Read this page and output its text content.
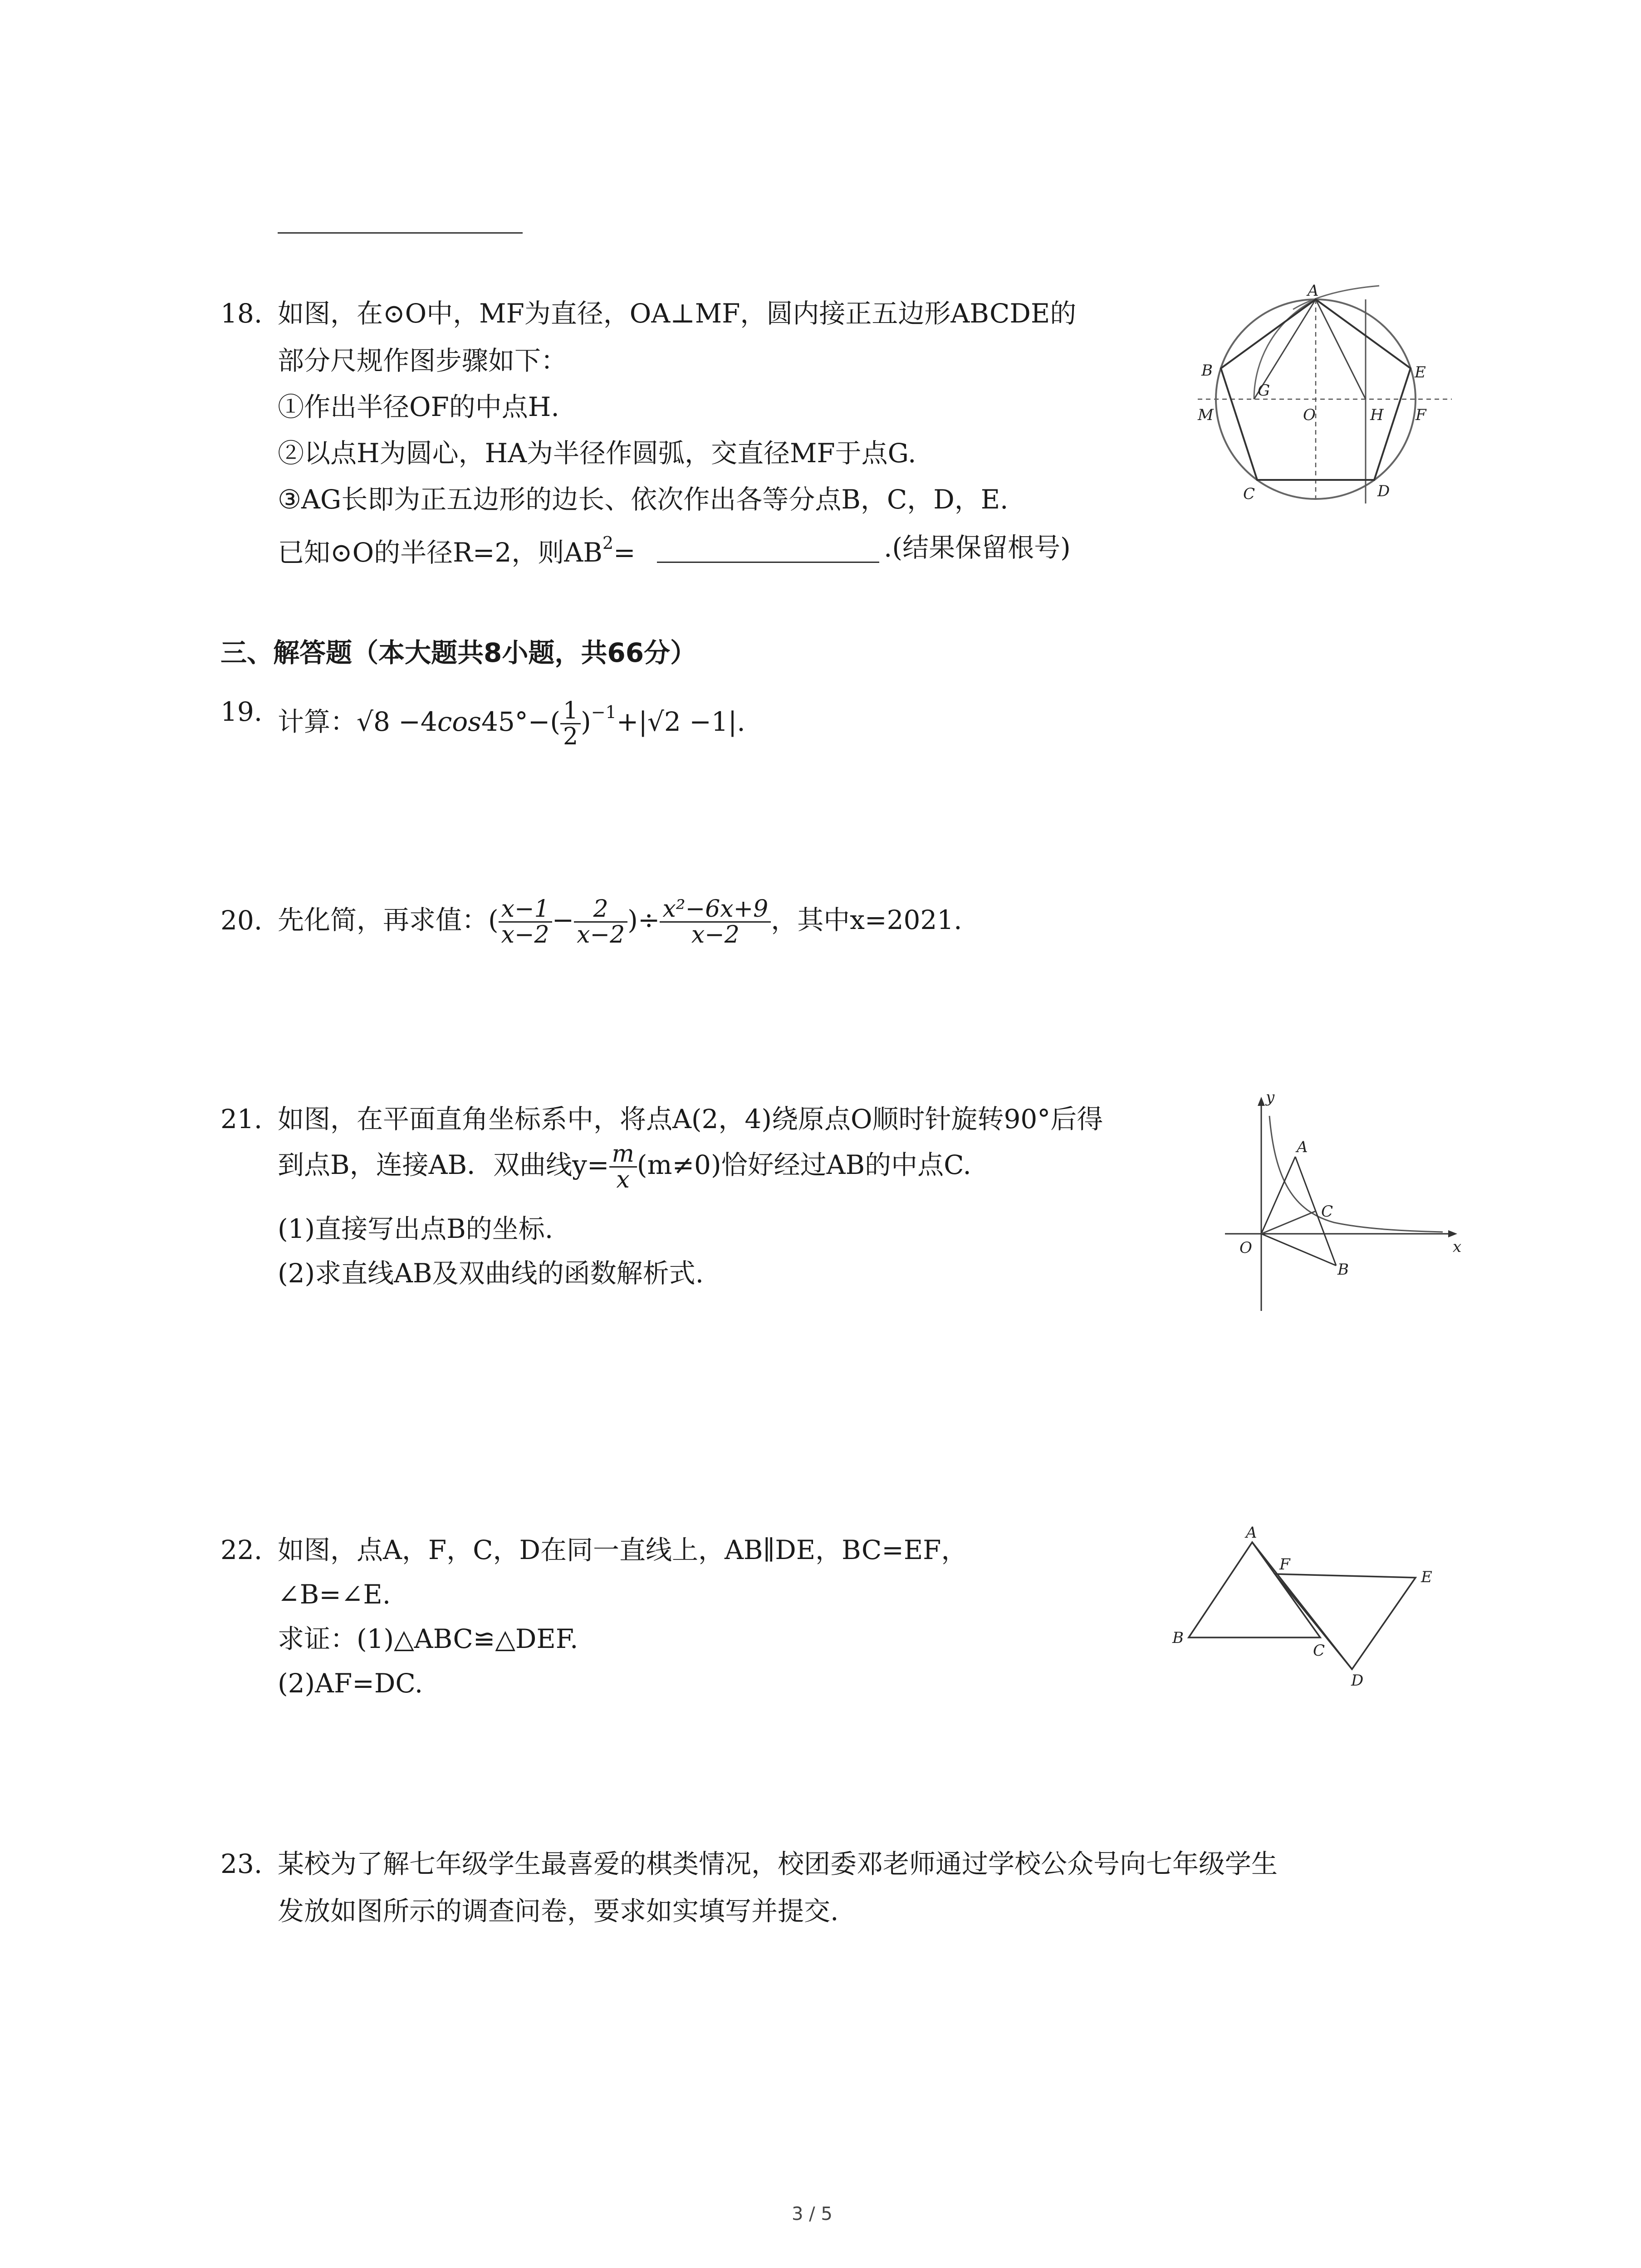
18. 如图，在⊙O中，MF为直径，OA⊥MF，圆内接正五边形ABCDE的
部分尺规作图步骤如下：
①作出半径OF的中点H.
②以点H为圆心，HA为半径作圆弧，交直径MF于点G.
③AG长即为正五边形的边长、依次作出各等分点B，C，D，E.
已知⊙O的半径R=2，则$AB^2=$	.(结果保留根号)
A
B	E
M
G
O	H F
C	D
三、解答题（本大题共8小题，共66分）
19. 计算：$√8 -4\cos 45^\circ-( \frac{1}{2} )^{-1}+|√2 -1|$.
20. 先化简，再求值：( $\frac{x-1}{x-2} - \frac{2}{x-2}$ )÷ $\frac{\text{x²−6x+9}}{x-2}$ ，其中x=2021.
21. 如图，在平面直角坐标系中，将点A(2，4)绕原点O顺时针旋转90°后得
到点B，连接AB．双曲线$y= \frac{m}{x} (m\ne 0)$恰好经过AB的中点C.
(1)直接写出点B的坐标.
(2)求直线AB及双曲线的函数解析式.
y
x
O
A
C
B
22. 如图，点A，F，C，D在同一直线上，AB∥DE，BC=EF，
∠B=∠E.
求证：(1)△ABC≌△DEF.
(2)AF=DC.
A
F
E
B
C
D
23. 某校为了解七年级学生最喜爱的棋类情况，校团委邓老师通过学校公众号向七年级学生
发放如图所示的调查问卷，要求如实填写并提交.
3 / 5
